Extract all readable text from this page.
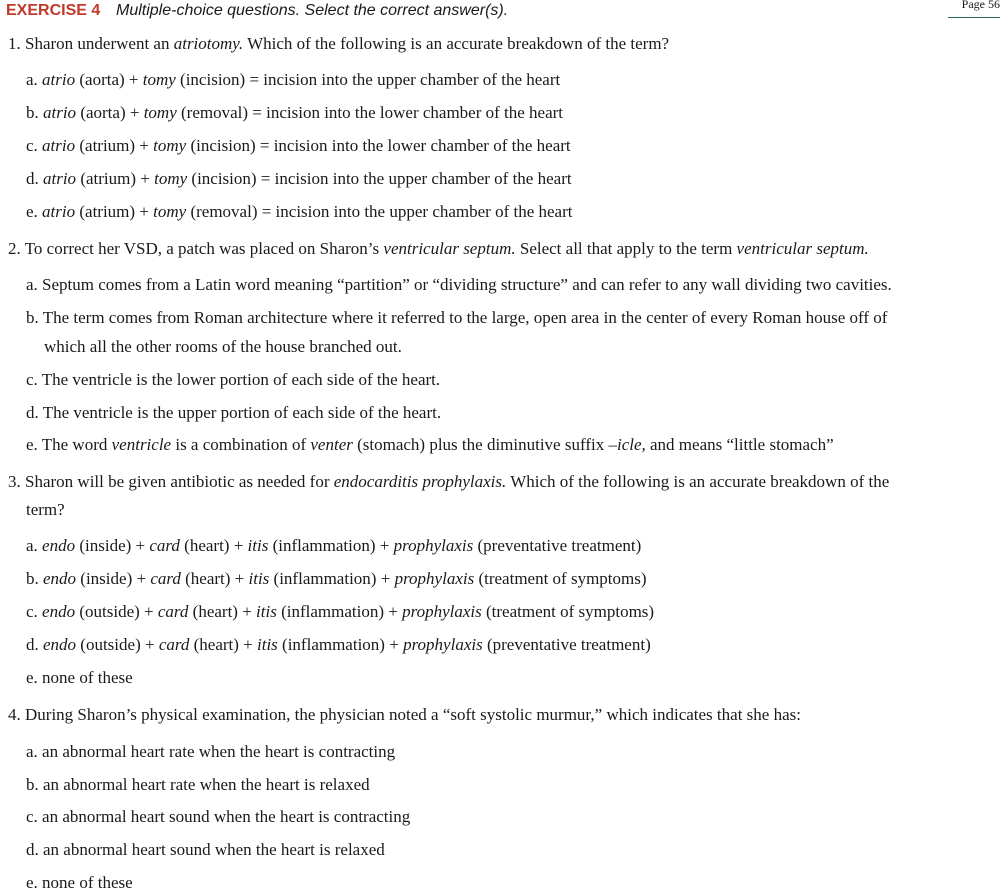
EXERCISE 4 Multiple-choice questions. Select the correct answer(s).	Page 56
1. Sharon underwent an atriotomy. Which of the following is an accurate breakdown of the term?
a. atrio (aorta) + tomy (incision) = incision into the upper chamber of the heart
b. atrio (aorta) + tomy (removal) = incision into the lower chamber of the heart
c. atrio (atrium) + tomy (incision) = incision into the lower chamber of the heart
d. atrio (atrium) + tomy (incision) = incision into the upper chamber of the heart
e. atrio (atrium) + tomy (removal) = incision into the upper chamber of the heart
2. To correct her VSD, a patch was placed on Sharon’s ventricular septum. Select all that apply to the term ventricular septum.
a. Septum comes from a Latin word meaning “partition” or “dividing structure” and can refer to any wall dividing two cavities.
b. The term comes from Roman architecture where it referred to the large, open area in the center of every Roman house off of
which all the other rooms of the house branched out.
c. The ventricle is the lower portion of each side of the heart.
d. The ventricle is the upper portion of each side of the heart.
e. The word ventricle is a combination of venter (stomach) plus the diminutive suffix –icle, and means “little stomach”
3. Sharon will be given antibiotic as needed for endocarditis prophylaxis. Which of the following is an accurate breakdown of the
term?
a. endo (inside) + card (heart) + itis (inflammation) + prophylaxis (preventative treatment)
b. endo (inside) + card (heart) + itis (inflammation) + prophylaxis (treatment of symptoms)
c. endo (outside) + card (heart) + itis (inflammation) + prophylaxis (treatment of symptoms)
d. endo (outside) + card (heart) + itis (inflammation) + prophylaxis (preventative treatment)
e. none of these
4. During Sharon’s physical examination, the physician noted a “soft systolic murmur,” which indicates that she has:
a. an abnormal heart rate when the heart is contracting
b. an abnormal heart rate when the heart is relaxed
c. an abnormal heart sound when the heart is contracting
d. an abnormal heart sound when the heart is relaxed
e. none of these
